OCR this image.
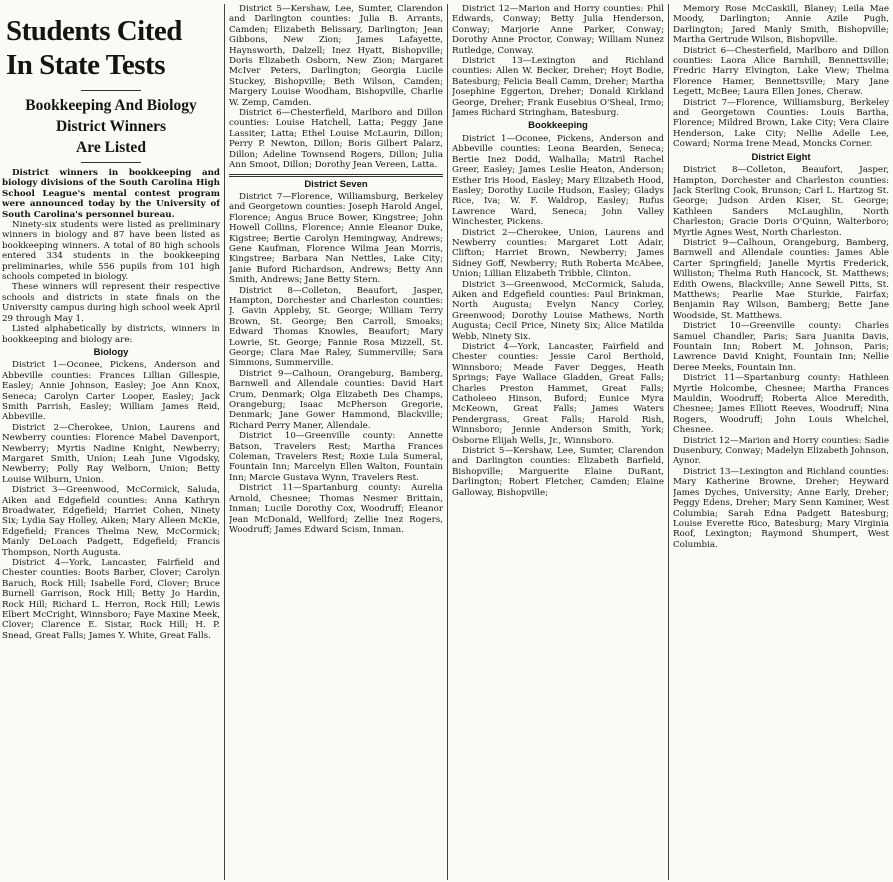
Students Cited
In State Tests
Bookkeeping And Biology
District Winners
Are Listed

District winners in bookkeeping and biology divisions of the South Carolina High School League's mental contest program were announced today by the University of South Carolina's personnel bureau.

Ninety-six students were listed as preliminary winners in biology and 87 have been listed as bookkeeping winners. A total of 80 high schools entered 334 students in the bookkeeping preliminaries, while 556 pupils from 101 high schools competed in biology.

These winners will represent their respective schools and districts in state finals on the University campus during high school week April 29 through May 1.

Listed alphabetically by districts, winners in bookkeeping and biology are:

Biology

District 1—Oconee, Pickens, Anderson and Abbeville counties: Frances Lillian Gillespie, Easley; Annie Johnson, Easley; Joe Ann Knox, Seneca; Carolyn Carter Looper, Easley; Jack Smith Parrish, Easley; William James Reid, Abbeville.

District 2—Cherokee, Union, Laurens and Newberry counties: Florence Mabel Davenport, Newberry; Myrtis Nadine Knight, Newberry; Margaret Smith, Union; Leah June Vigodsky, Newberry; Polly Ray Welborn, Union; Betty Louise Wilburn, Union.

District 3—Greenwood, McCormick, Saluda, Aiken and Edgefield counties: Anna Kathryn Broadwater, Edgefield; Harriet Cohen, Ninety Six; Lydia Say Holley, Aiken; Mary Alleen McKie, Edgefield; Frances Thelma New, McCormick; Manly DeLoach Padgett, Edgefield; Francis Thompson, North Augusta.

District 4—York, Lancaster, Fairfield and Chester counties: Boots Barber, Clover; Carolyn Baruch, Rock Hill; Isabelle Ford, Clover; Bruce Burnell Garrison, Rock Hill; Betty Jo Hardin, Rock Hill; Richard L. Herron, Rock Hill; Lewis Elbert McCright, Winnsboro; Faye Maxine Meek, Clover; Clarence E. Sistar, Rock Hill; H. P. Snead, Great Falls; James Y. White, Great Falls.

District 5—Kershaw, Lee, Sumter, Clarendon and Darlington counties: Julia B. Arrants, Camden; Elizabeth Belissary, Darlington; Jean Gibbons, New Zion; James Lafayette, Haynsworth, Dalzell; Inez Hyatt, Bishopville; Doris Elizabeth Osborn, New Zion; Margaret McIver Peters, Darlington; Georgia Lucile Stuckey, Bishopville; Beth Wilson, Camden; Margery Louise Woodham, Bishopville, Charlie W. Zemp, Camden.

District 6—Chesterfield, Marlboro and Dillon counties: Louise Hatchell, Latta; Peggy Jane Lassiter, Latta; Ethel Louise McLaurin, Dillon; Perry P. Newton, Dillon; Boris Gilbert Palarz, Dillon; Adeline Townsend Rogers, Dillon; Julia Ann Smoot, Dillon; Dorothy Jean Vereen, Latta.

District Seven

District 7—Florence, Williamsburg, Berkeley and Georgetown counties: Joseph Harold Angel, Florence; Angus Bruce Bower, Kingstree; John Howell Collins, Florence; Annie Eleanor Duke, Kigstree; Bertie Carolyn Hemingway, Andrews; Gene Kaufman, Florence Wilma Jean Morris, Kingstree; Barbara Nan Nettles, Lake City; Janie Buford Richardson, Andrews; Betty Ann Smith, Andrews; Jane Betty Stern.

District 8—Colleton, Beaufort, Jasper, Hampton, Dorchester and Charleston counties: J. Gavin Appleby, St. George; William Terry Brown, St. George; Ben Carroll, Smoaks; Edward Thomas Knowles, Beaufort; Mary Lowrie, St. George; Fannie Rosa Mizzell, St. George; Clara Mae Raley, Summerville; Sara Simmons, Summerville.

District 9—Calhoun, Orangeburg, Bamberg, Barnwell and Allendale counties: David Hart Crum, Denmark; Olga Elizabeth Des Champs, Orangeburg; Isaac McPherson Gregorie, Denmark; Jane Gower Hammond, Blackville; Richard Perry Maner, Allendale.

District 10—Greenville county: Annette Batson, Travelers Rest; Martha Frances Coleman, Travelers Rest; Roxie Lula Sumeral, Fountain Inn; Marcelyn Ellen Walton, Fountain Inn; Marcie Gustava Wynn, Travelers Rest.

District 11—Spartanburg county: Aurelia Arnold, Chesnee; Thomas Nesmer Brittain, Inman; Lucile Dorothy Cox, Woodruff; Eleanor Jean McDonald, Wellford; Zellie Inez Rogers, Woodruff; James Edward Scism, Inman.

District 12—Marion and Horry counties: Phil Edwards, Conway; Betty Julia Henderson, Conway; Marjorie Anne Parker, Conway; Dorothy Anne Proctor, Conway; William Nunez Rutledge, Conway.

District 13—Lexington and Richland counties: Allen W. Becker, Dreher; Hoyt Bodie, Batesburg; Felicia Beall Camm, Dreher; Martha Josephine Eggerton, Dreher; Donald Kirkland George, Dreher; Frank Eusebius O'Sheal, Irmo; James Richard Stringham, Batesburg.

Bookkeeping

District 1—Oconee, Pickens, Anderson and Abbeville counties: Leona Bearden, Seneca; Bertie Inez Dodd, Walhalla; Matril Rachel Greer, Easley; James Leslie Heaton, Anderson; Esther Iris Hood, Easley; Mary Elizabeth Hood, Easley; Dorothy Lucile Hudson, Easley; Gladys Rice, Iva; W. F. Waldrop, Easley; Rufus Lawrence Ward, Seneca; John Valley Winchester, Pickens.

District 2—Cherokee, Union, Laurens and Newberry counties: Margaret Lott Adair, Clifton; Harriet Brown, Newberry; James Sidney Goff, Newberry; Ruth Roberta McAbee, Union; Lillian Elizabeth Tribble, Clinton.

District 3—Greenwood, McCormick, Saluda, Aiken and Edgefield counties: Paul Brinkman, North Augusta; Evelyn Nancy Corley, Greenwood; Dorothy Louise Mathews, North Augusta; Cecil Price, Ninety Six; Alice Matilda Webb, Ninety Six.

District 4—York, Lancaster, Fairfield and Chester counties: Jessie Carol Berthold, Winnsboro; Meade Faver Degges, Heath Springs; Faye Wallace Gladden, Great Falls; Charles Preston Hammet, Great Falls; Catholeeo Hinson, Buford; Eunice Myra McKeown, Great Falls; James Waters Pendergrass, Great Falls; Harold Rish, Winnsboro; Jennie Anderson Smith, York; Osborne Elijah Wells, Jr., Winnsboro.

District 5—Kershaw, Lee, Sumter, Clarendon and Darlington counties: Elizabeth Barfield, Bishopville; Marguerite Elaine DuRant, Darlington; Robert Fletcher, Camden; Elaine Galloway, Bishopville;

Memory Rose McCaskill, Blaney; Leila Mae Moody, Darlington; Annie Azile Pugh, Darlington; Jared Manly Smith, Bishopville; Martha Gertrude Wilson, Bishopville.

District 6—Chesterfield, Marlboro and Dillon counties: Laora Alice Barnhill, Bennettsville; Fredric Harry Elvington, Lake View; Thelma Florence Hamer, Bennettsville; Mary Jane Legett, McBee; Laura Ellen Jones, Cheraw.

District 7—Florence, Williamsburg, Berkeley and Georgetown Counties: Louis Bartha, Florence; Mildred Brown, Lake City; Vera Claire Henderson, Lake City; Nellie Adelle Lee, Coward; Norma Irene Mead, Moncks Corner.

District Eight

District 8—Colleton, Beaufort, Jasper, Hampton, Dorchester and Charleston counties: Jack Sterling Cook, Brunson; Carl L. Hartzog St. George; Judson Arden Kiser, St. George; Kathleen Sanders McLaughlin, North Charleston; Gracie Doris O'Quinn, Walterboro; Myrtle Agnes West, North Charleston.

District 9—Calhoun, Orangeburg, Bamberg, Barnwell and Allendale counties: James Able Carter Springfield; Janelle Myrtis Frederick, Williston; Thelma Ruth Hancock, St. Matthews; Edith Owens, Blackville; Anne Sewell Pitts, St. Matthews; Pearlie Mae Sturkie, Fairfax; Benjamin Ray Wilson, Bamberg; Bette Jane Woodside, St. Matthews.

District 10—Greenville county: Charles Samuel Chandler, Paris; Sara Juanita Davis, Fountain Inn; Robert M. Johnson, Paris; Lawrence David Knight, Fountain Inn; Nellie Deree Meeks, Fountain Inn.

District 11—Spartanburg county: Hathleen Myrtle Holcombe, Chesnee; Martha Frances Mauldin, Woodruff; Roberta Alice Meredith, Chesnee; James Elliott Reeves, Woodruff; Nina Rogers, Woodruff; John Louis Whelchel, Chesnee.

District 12—Marion and Horry counties: Sadie Dusenbury, Conway; Madelyn Elizabeth Johnson, Aynor.

District 13—Lexington and Richland counties: Mary Katherine Browne, Dreher; Heyward James Dyches, University; Anne Early, Dreher; Peggy Edens, Dreher; Mary Senn Kaminer, West Columbia; Sarah Edna Padgett Batesburg; Louise Everette Rico, Batesburg; Mary Virginia Roof, Lexington; Raymond Shumpert, West Columbia.
